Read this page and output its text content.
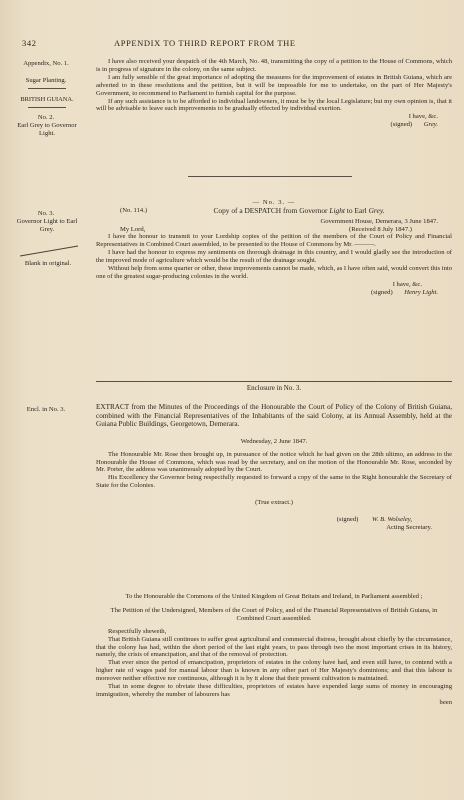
342	APPENDIX TO THIRD REPORT FROM THE
Appendix, No. 1.
Sugar Planting.
BRITISH GUIANA.
No. 2.
Earl Grey to Governor Light.
No. 3.
Governor Light to Earl Grey.
Blank in original.
Encl. in No. 3.

I have also received your despatch of the 4th March, No. 48, transmitting the copy of a petition to the House of Commons, which is in progress of signature in the colony, on the same subject.

I am fully sensible of the great importance of adopting the measures for the improvement of estates in British Guiana, which are adverted to in these resolutions and the petition, but it will be impossible for me to undertake, on the part of Her Majesty's Government, to recommend to Parliament to furnish capital for the purpose.

If any such assistance is to be afforded to individual landowners, it must be by the local Legislature; but my own opinion is, that it will be advisable to leave such improvements to be gradually effected by individual exertion.

I have, &c.

(signed) Grey.

— No. 3. —

(No. 114.)	Copy of a DESPATCH from Governor Light to Earl Grey.

Government House, Demerara, 3 June 1847.

(Received 8 July 1847.)

My Lord,

I have the honour to transmit to your Lordship copies of the petition of the members of the Court of Policy and Financial Representatives in Combined Court assembled, to be presented to the House of Commons by Mr. ———.

I have had the honour to express my sentiments on thorough drainage in this country, and I would gladly see the introduction of the improved mode of agriculture which would be the result of the drainage sought.

Without help from some quarter or other, these improvements cannot be made, which, as I have often said, would convert this into one of the greatest sugar-producing colonies in the world.

I have, &c.

(signed) Henry Light.

Enclosure in No. 3.

EXTRACT from the Minutes of the Proceedings of the Honourable the Court of Policy of the Colony of British Guiana, combined with the Financial Representatives of the Inhabitants of the said Colony, at its Annual Assembly, held at the Guiana Public Buildings, Georgetown, Demerara.

Wednesday, 2 June 1847.

The Honourable Mr. Rose then brought up, in pursuance of the notice which he had given on the 28th ultimo, an address to the Honourable the House of Commons, which was read by the secretary, and on the motion of the Honourable Mr. Rose, seconded by Mr. Porter, the address was unanimously adopted by the Court.

His Excellency the Governor being respectfully requested to forward a copy of the same to the Right honourable the Secretary of State for the Colonies.

(True extract.)

(signed) W. B. Wolseley,

Acting Secretary.

To the Honourable the Commons of the United Kingdom of Great Britain and Ireland, in Parliament assembled ;

The Petition of the Undersigned, Members of the Court of Policy, and of the Financial Representatives of British Guiana, in Combined Court assembled.

Respectfully sheweth,

That British Guiana still continues to suffer great agricultural and commercial distress, brought about chiefly by the circumstance, that the colony has had, within the short period of the last eight years, to pass through two the most important crises in its history, namely, the crisis of emancipation, and that of the removal of protection.

That ever since the period of emancipation, proprietors of estates in the colony have had, and even still have, to contend with a higher rate of wages paid for manual labour than is known in any other part of Her Majesty's dominions; and that this labour is moreover neither effective nor continuous, although it is by it alone that their present cultivation is maintained.

That in some degree to obviate these difficulties, proprietors of estates have expended large sums of money in encouraging immigration, whereby the number of labourers has

been
